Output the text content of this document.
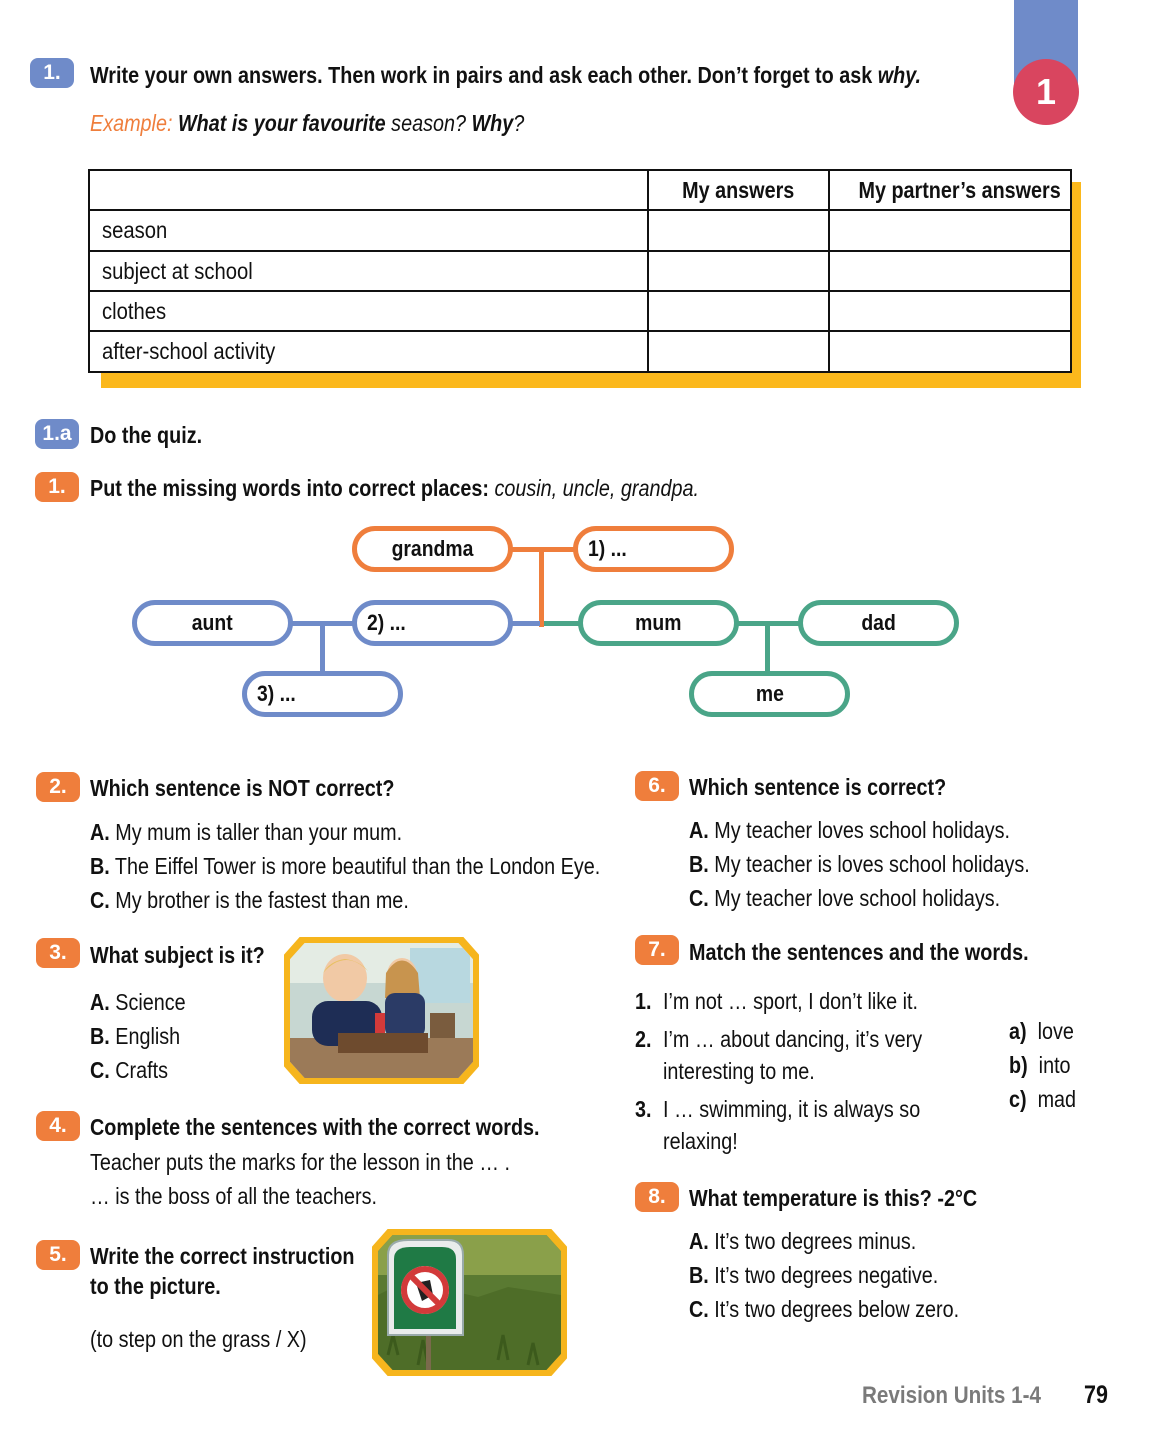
1
1.	Write your own answers. Then work in pairs and ask each other. Don’t forget to ask why.
Example: What is your favourite season? Why?
	My answers	My partner’s answers
season		
subject at school		
clothes		
after-school activity		
1.a Do the quiz.
1.	Put the missing words into correct places: cousin, uncle, grandpa.
grandma	1) ...
aunt	2) ...	mum	dad
3) ...	me
2.	Which sentence is NOT correct?
A. My mum is taller than your mum.
B. The Eiffel Tower is more beautiful than the London Eye.
C. My brother is the fastest than me.
3.	What subject is it?
A. Science
B. English
C. Crafts
4.	Complete the sentences with the correct words.
Teacher puts the marks for the lesson in the … .
… is the boss of all the teachers.
5.	Write the correct instruction
to the picture.
(to step on the grass / X)
6.	Which sentence is correct?
A. My teacher loves school holidays.
B. My teacher is loves school holidays.
C. My teacher love school holidays.
7.	Match the sentences and the words.
1. I’m not … sport, I don’t like it.
2. I’m … about dancing, it’s very
interesting to me.
3. I … swimming, it is always so
relaxing!
a) love
b) into
c) mad
8.	What temperature is this? -2°C
A. It’s two degrees minus.
B. It’s two degrees negative.
C. It’s two degrees below zero.
Revision Units 1-4 79
